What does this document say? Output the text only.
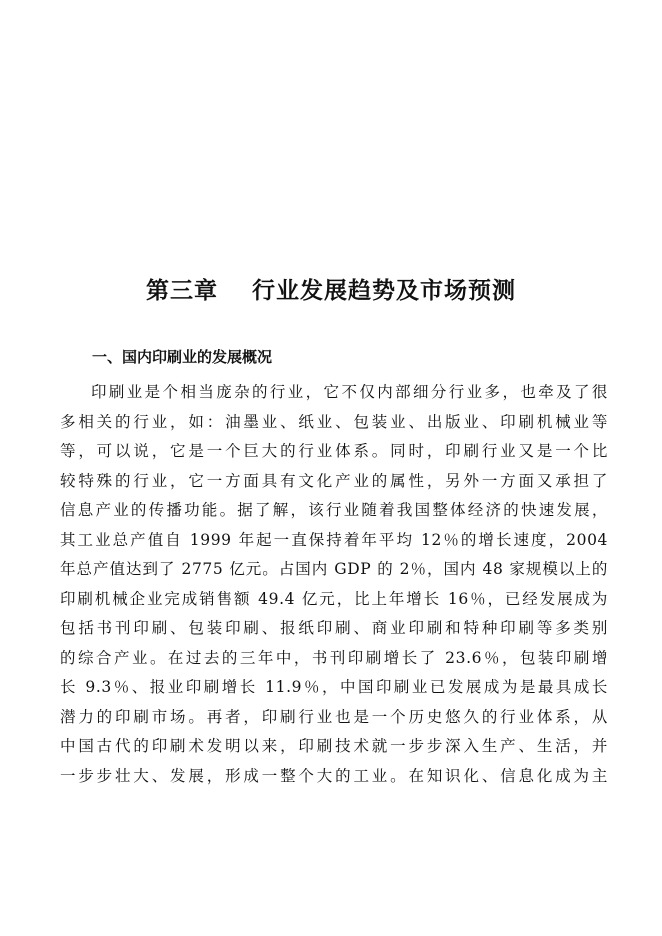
第三章 行业发展趋势及市场预测
一、国内印刷业的发展概况
印刷业是个相当庞杂的行业，它不仅内部细分行业多，也牵及了很
多相关的行业，如：油墨业、纸业、包装业、出版业、印刷机械业等
等，可以说，它是一个巨大的行业体系。同时，印刷行业又是一个比
较特殊的行业，它一方面具有文化产业的属性，另外一方面又承担了
信息产业的传播功能。据了解，该行业随着我国整体经济的快速发展，
其工业总产值自 1999 年起一直保持着年平均 12％的增长速度，2004
年总产值达到了 2775 亿元。占国内 GDP 的 2％，国内 48 家规模以上的
印刷机械企业完成销售额 49.4 亿元，比上年增长 16％，已经发展成为
包括书刊印刷、包装印刷、报纸印刷、商业印刷和特种印刷等多类别
的综合产业。在过去的三年中，书刊印刷增长了 23.6％，包装印刷增
长 9.3％、报业印刷增长 11.9％，中国印刷业已发展成为是最具成长
潜力的印刷市场。再者，印刷行业也是一个历史悠久的行业体系，从
中国古代的印刷术发明以来，印刷技术就一步步深入生产、生活，并
一步步壮大、发展，形成一整个大的工业。在知识化、信息化成为主
